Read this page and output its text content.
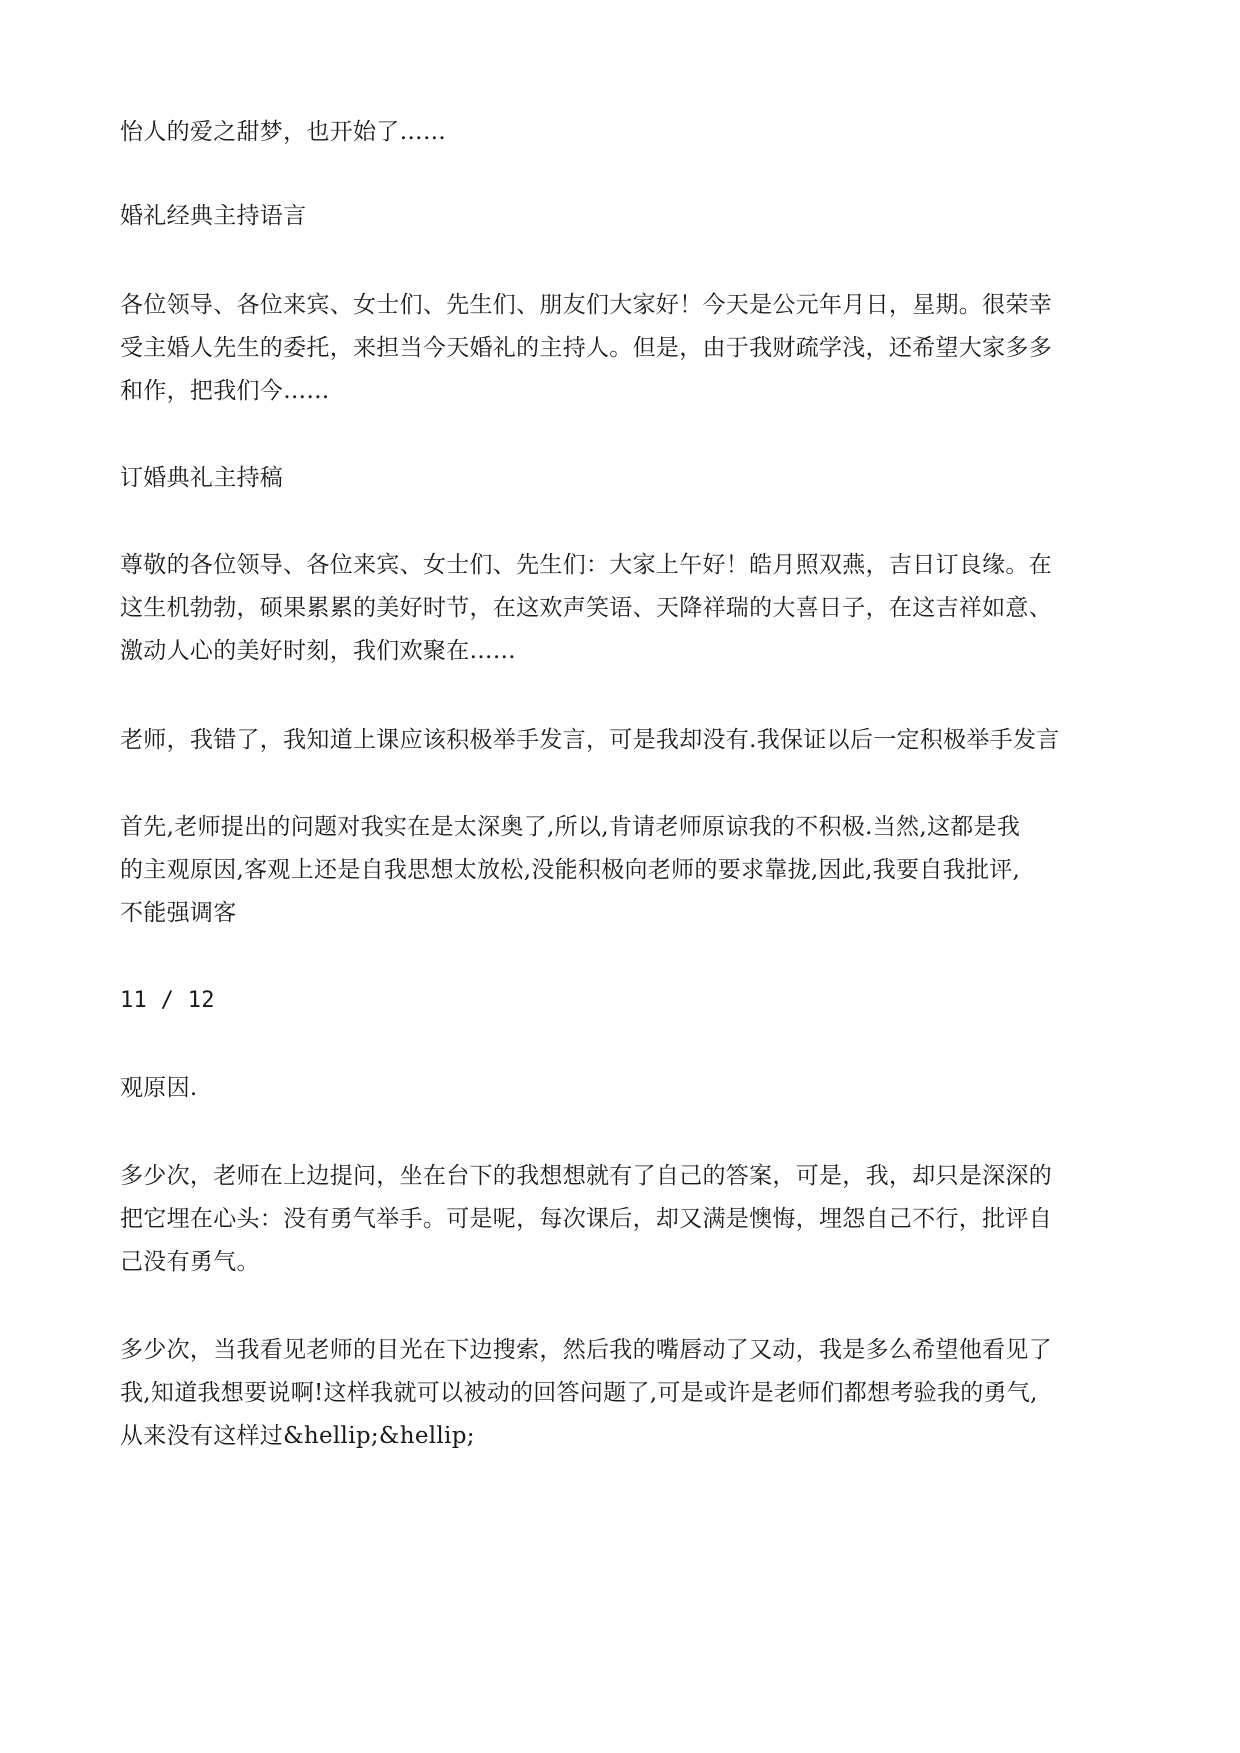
怡人的爱之甜梦，也开始了……
婚礼经典主持语言
各位领导、各位来宾、女士们、先生们、朋友们大家好！今天是公元年月日，星期。很荣幸
受主婚人先生的委托，来担当今天婚礼的主持人。但是，由于我财疏学浅，还希望大家多多
和作，把我们今……
订婚典礼主持稿
尊敬的各位领导、各位来宾、女士们、先生们：大家上午好！皓月照双燕，吉日订良缘。在
这生机勃勃，硕果累累的美好时节，在这欢声笑语、天降祥瑞的大喜日子，在这吉祥如意、
激动人心的美好时刻，我们欢聚在……
老师，我错了，我知道上课应该积极举手发言，可是我却没有.我保证以后一定积极举手发言
首先,老师提出的问题对我实在是太深奥了,所以,肯请老师原谅我的不积极.当然,这都是我
的主观原因,客观上还是自我思想太放松,没能积极向老师的要求靠拢,因此,我要自我批评,
不能强调客
11 / 12
观原因.
多少次，老师在上边提问，坐在台下的我想想就有了自己的答案，可是，我，却只是深深的
把它埋在心头：没有勇气举手。可是呢，每次课后，却又满是懊悔，埋怨自己不行，批评自
己没有勇气。
多少次，当我看见老师的目光在下边搜索，然后我的嘴唇动了又动，我是多么希望他看见了
我,知道我想要说啊!这样我就可以被动的回答问题了,可是或许是老师们都想考验我的勇气,
从来没有这样过&hellip;&hellip;
